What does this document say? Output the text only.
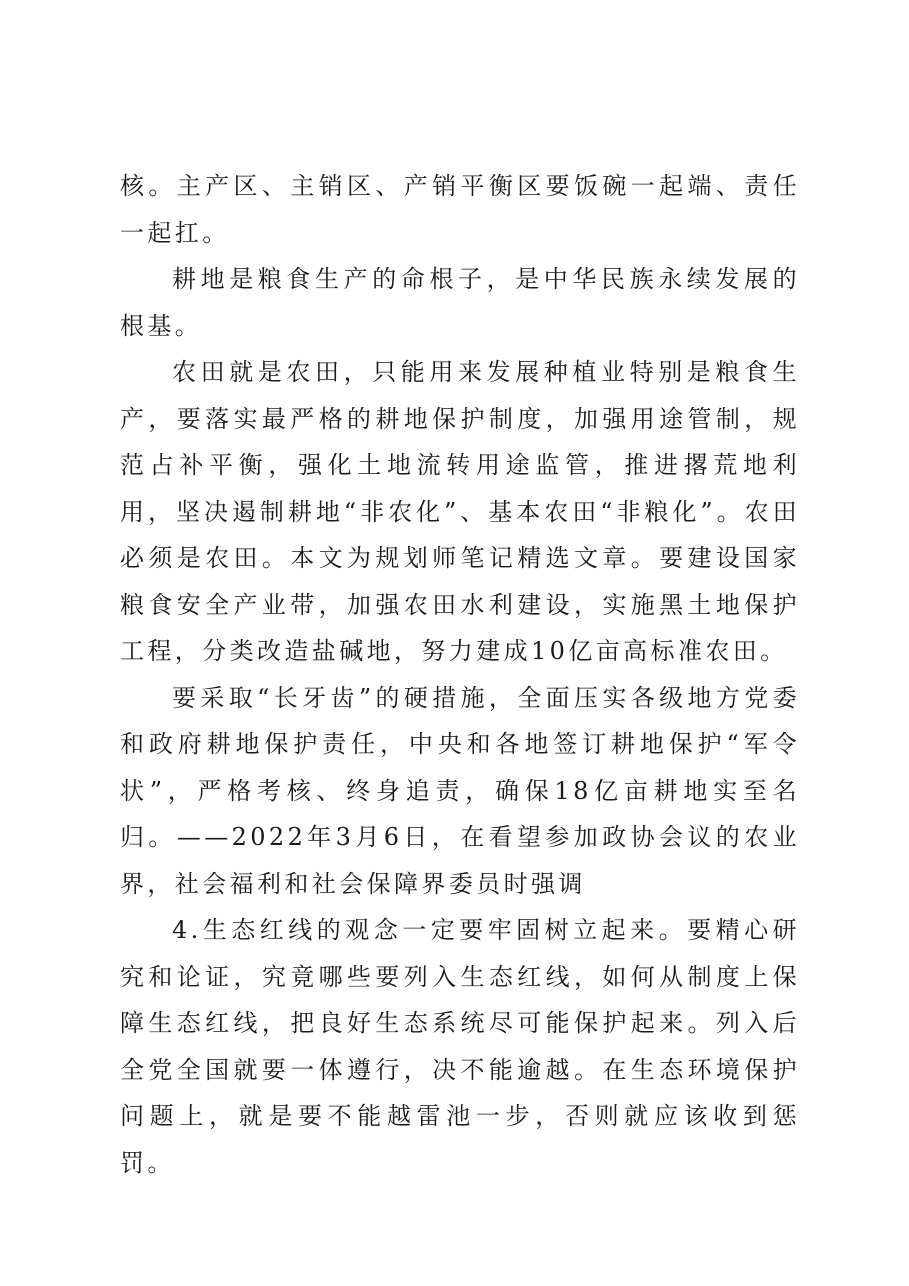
核。主产区、主销区、产销平衡区要饭碗一起端、责任一起扛。

耕地是粮食生产的命根子，是中华民族永续发展的根基。

农田就是农田，只能用来发展种植业特别是粮食生产，要落实最严格的耕地保护制度，加强用途管制，规范占补平衡，强化土地流转用途监管，推进撂荒地利用，坚决遏制耕地“非农化”、基本农田“非粮化”。农田必须是农田。本文为规划师笔记精选文章。要建设国家粮食安全产业带，加强农田水利建设，实施黑土地保护工程，分类改造盐碱地，努力建成10亿亩高标准农田。

要采取“长牙齿”的硬措施，全面压实各级地方党委和政府耕地保护责任，中央和各地签订耕地保护“军令状”，严格考核、终身追责，确保18亿亩耕地实至名归。——2022年3月6日，在看望参加政协会议的农业界，社会福利和社会保障界委员时强调

4.生态红线的观念一定要牢固树立起来。要精心研究和论证，究竟哪些要列入生态红线，如何从制度上保障生态红线，把良好生态系统尽可能保护起来。列入后全党全国就要一体遵行，决不能逾越。在生态环境保护问题上，就是要不能越雷池一步，否则就应该收到惩罚。
